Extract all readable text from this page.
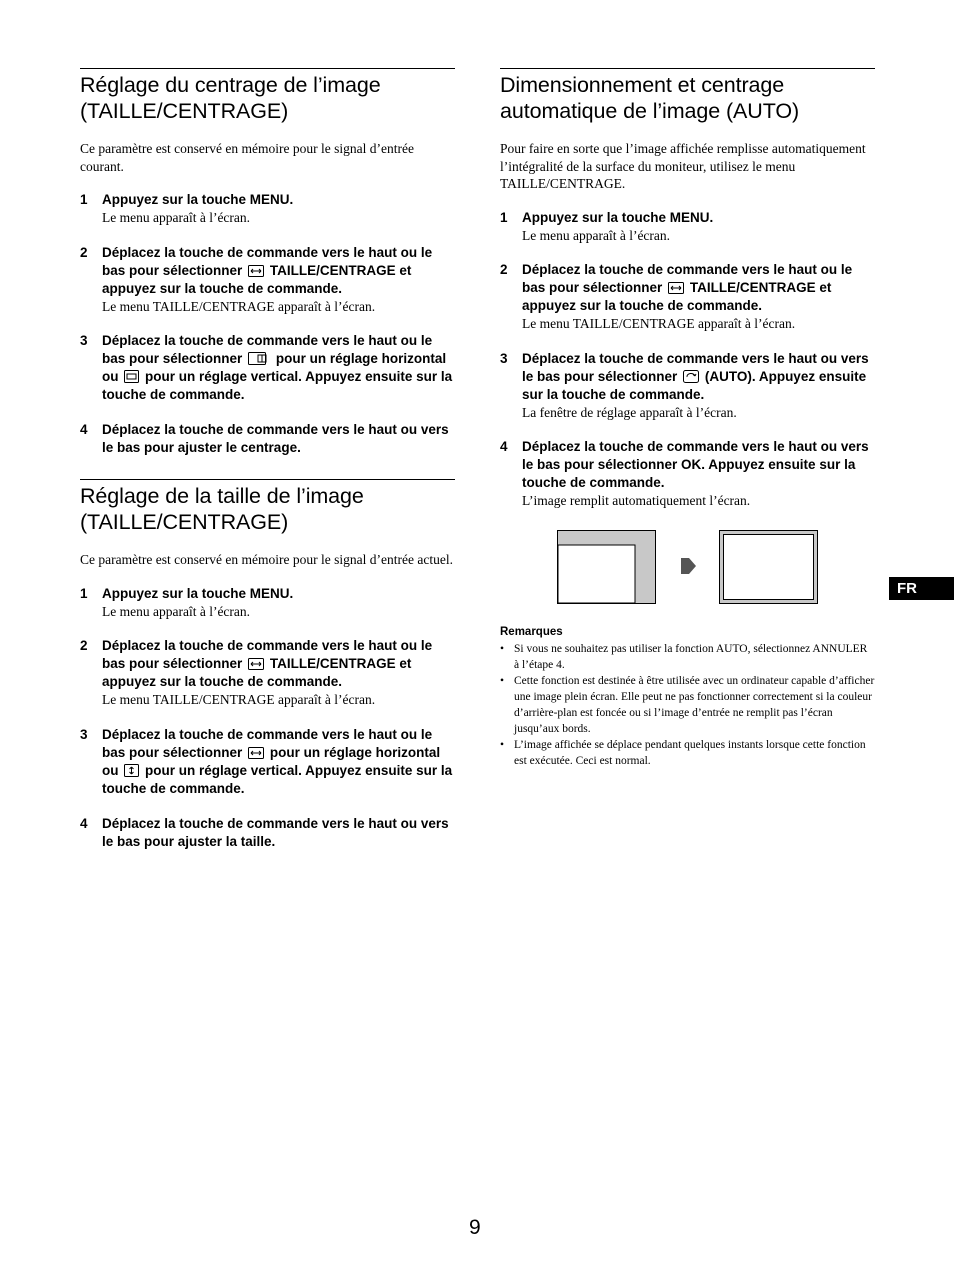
Réglage du centrage de l’image
(TAILLE/CENTRAGE)

Ce paramètre est conservé en mémoire pour le signal d’entrée courant.

1 Appuyez sur la touche MENU.
Le menu apparaît à l’écran.
2 Déplacez la touche de commande vers le haut ou le bas pour sélectionner TAILLE/CENTRAGE et appuyez sur la touche de commande.
Le menu TAILLE/CENTRAGE apparaît à l’écran.
3 Déplacez la touche de commande vers le haut ou le bas pour sélectionner pour un réglage horizontal ou pour un réglage vertical. Appuyez ensuite sur la touche de commande.
4 Déplacez la touche de commande vers le haut ou vers le bas pour ajuster le centrage.
Réglage de la taille de l’image
(TAILLE/CENTRAGE)

Ce paramètre est conservé en mémoire pour le signal d’entrée actuel.

1 Appuyez sur la touche MENU.
Le menu apparaît à l’écran.
2 Déplacez la touche de commande vers le haut ou le bas pour sélectionner TAILLE/CENTRAGE et appuyez sur la touche de commande.
Le menu TAILLE/CENTRAGE apparaît à l’écran.
3 Déplacez la touche de commande vers le haut ou le bas pour sélectionner pour un réglage horizontal ou pour un réglage vertical. Appuyez ensuite sur la touche de commande.
4 Déplacez la touche de commande vers le haut ou vers le bas pour ajuster la taille.
Dimensionnement et centrage
automatique de l’image (AUTO)

Pour faire en sorte que l’image affichée remplisse automatiquement l’intégralité de la surface du moniteur, utilisez le menu TAILLE/CENTRAGE.

1 Appuyez sur la touche MENU.
Le menu apparaît à l’écran.
2 Déplacez la touche de commande vers le haut ou le bas pour sélectionner TAILLE/CENTRAGE et appuyez sur la touche de commande.
Le menu TAILLE/CENTRAGE apparaît à l’écran.
3 Déplacez la touche de commande vers le haut ou vers le bas pour sélectionner (AUTO). Appuyez ensuite sur la touche de commande.
La fenêtre de réglage apparaît à l’écran.
4 Déplacez la touche de commande vers le haut ou vers le bas pour sélectionner OK. Appuyez ensuite sur la touche de commande.
L’image remplit automatiquement l’écran.
Remarques
• Si vous ne souhaitez pas utiliser la fonction AUTO, sélectionnez ANNULER à l’étape 4.
• Cette fonction est destinée à être utilisée avec un ordinateur capable d’afficher une image plein écran. Elle peut ne pas fonctionner correctement si la couleur d’arrière-plan est foncée ou si l’image d’entrée ne remplit pas l’écran jusqu’aux bords.
• L’image affichée se déplace pendant quelques instants lorsque cette fonction est exécutée. Ceci est normal.
FR
9
